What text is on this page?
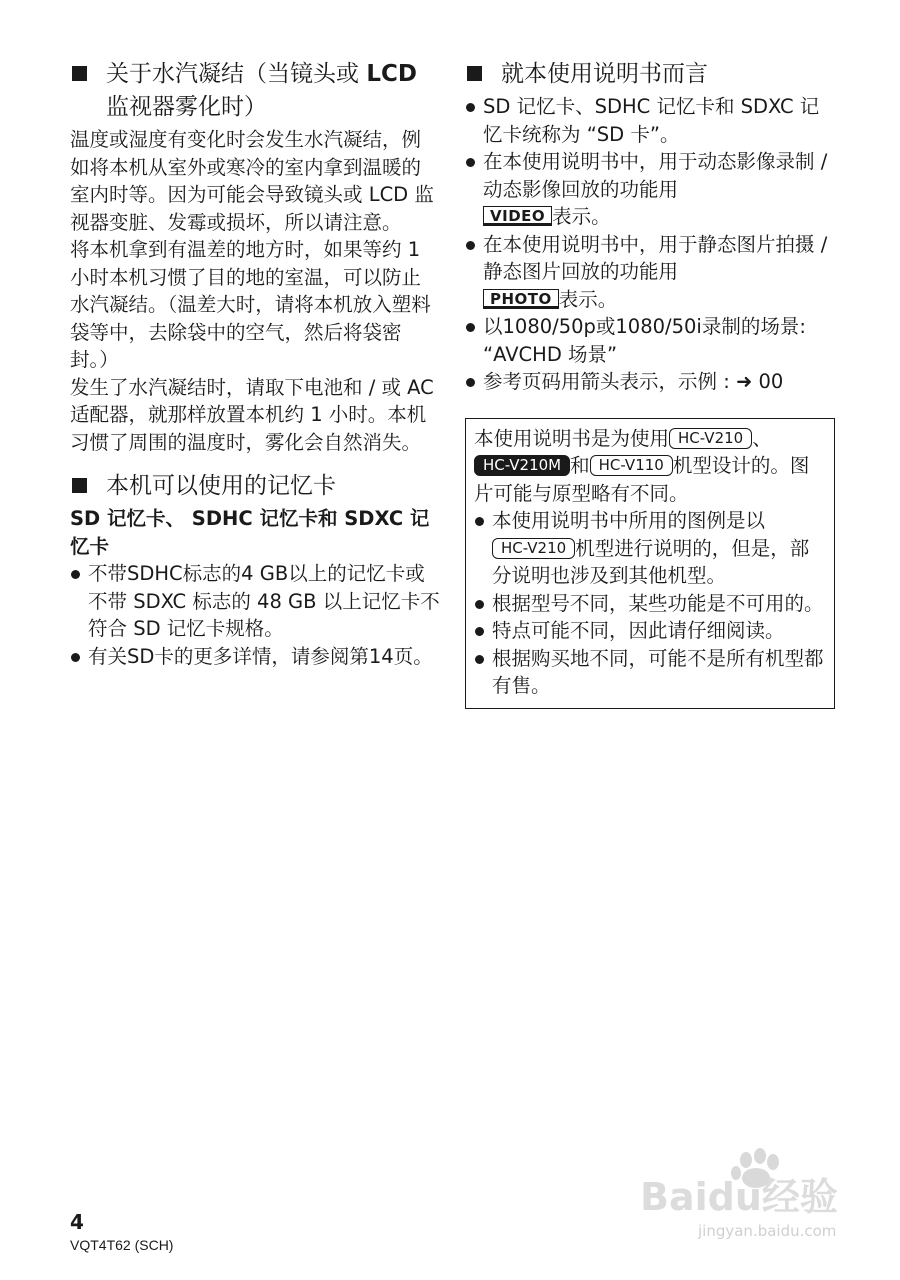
关于水汽凝结（当镜头或 LCD
监视器雾化时）

温度或湿度有变化时会发生水汽凝结，例如将本机从室外或寒冷的室内拿到温暖的室内时等。因为可能会导致镜头或 LCD 监视器变脏、发霉或损坏，所以请注意。

将本机拿到有温差的地方时，如果等约 1 小时本机习惯了目的地的室温，可以防止水汽凝结。（温差大时，请将本机放入塑料袋等中，去除袋中的空气，然后将袋密封。）

发生了水汽凝结时，请取下电池和 / 或 AC 适配器，就那样放置本机约 1 小时。本机习惯了周围的温度时，雾化会自然消失。

本机可以使用的记忆卡

SD 记忆卡、 SDHC 记忆卡和 SDXC 记忆卡

不带SDHC标志的4 GB以上的记忆卡或不带 SDXC 标志的 48 GB 以上记忆卡不符合 SD 记忆卡规格。
有关SD卡的更多详情，请参阅第14页。
就本使用说明书而言
SD 记忆卡、SDHC 记忆卡和 SDXC 记忆卡统称为 “SD 卡”。
在本使用说明书中，用于动态影像录制 / 动态影像回放的功能用
VIDEO 表示。
在本使用说明书中，用于静态图片拍摄 / 静态图片回放的功能用
PHOTO 表示。
以1080/50p或1080/50i录制的场景: “AVCHD 场景”
参考页码用箭头表示，示例 : ➜ 00

本使用说明书是为使用 HC-V210 、
HC-V210M 和 HC-V110 机型设计的。图片可能与原型略有不同。

本使用说明书中所用的图例是以
HC-V210 机型进行说明的，但是，部分说明也涉及到其他机型。
根据型号不同，某些功能是不可用的。
特点可能不同，因此请仔细阅读。
根据购买地不同，可能不是所有机型都有售。
4
VQT4T62 (SCH)
Baidu经验
jingyan.baidu.com
